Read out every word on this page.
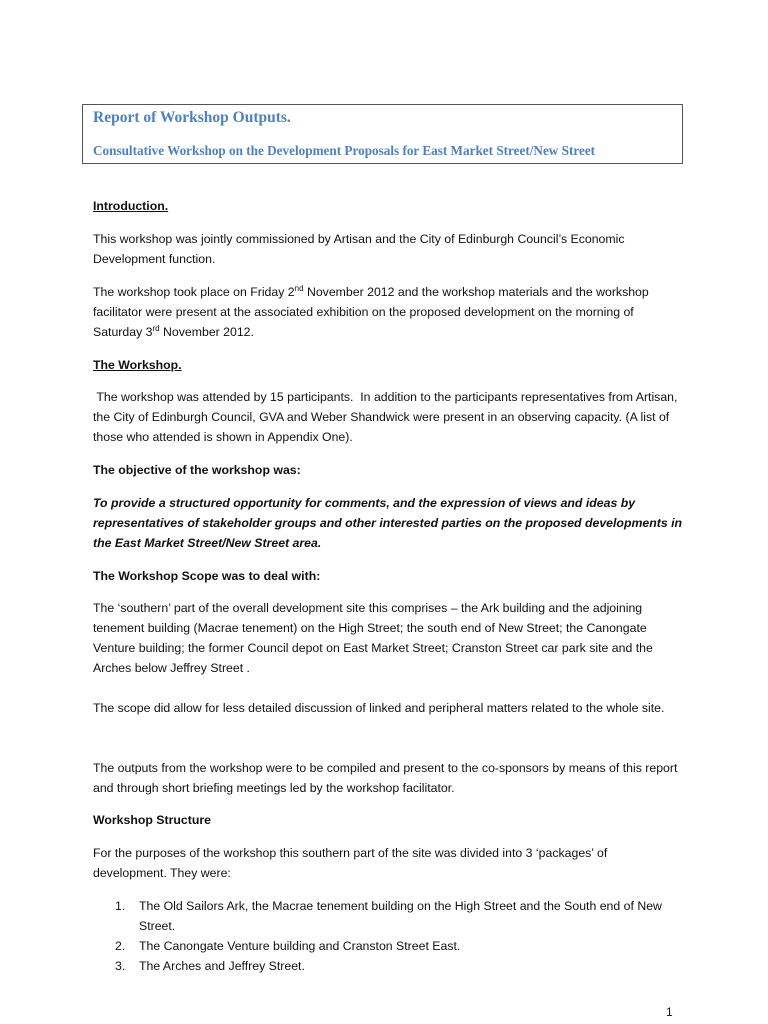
Report of Workshop Outputs.
Consultative Workshop on the Development Proposals for East Market Street/New Street
Introduction.
This workshop was jointly commissioned by Artisan and the City of Edinburgh Council’s Economic Development function.
The workshop took place on Friday 2nd November 2012 and the workshop materials and the workshop facilitator were present at the associated exhibition on the proposed development on the morning of Saturday 3rd November 2012.
The Workshop.
The workshop was attended by 15 participants.  In addition to the participants representatives from Artisan, the City of Edinburgh Council, GVA and Weber Shandwick were present in an observing capacity. (A list of those who attended is shown in Appendix One).
The objective of the workshop was:
To provide a structured opportunity for comments, and the expression of views and ideas by representatives of stakeholder groups and other interested parties on the proposed developments in the East Market Street/New Street area.
The Workshop Scope was to deal with:
The ‘southern’ part of the overall development site this comprises – the Ark building and the adjoining tenement building (Macrae tenement) on the High Street; the south end of New Street; the Canongate Venture building; the former Council depot on East Market Street; Cranston Street car park site and the Arches below Jeffrey Street .
The scope did allow for less detailed discussion of linked and peripheral matters related to the whole site.
The outputs from the workshop were to be compiled and present to the co-sponsors by means of this report and through short briefing meetings led by the workshop facilitator.
Workshop Structure
For the purposes of the workshop this southern part of the site was divided into 3 ‘packages’ of development. They were:
1. The Old Sailors Ark, the Macrae tenement building on the High Street and the South end of New Street.
2. The Canongate Venture building and Cranston Street East.
3. The Arches and Jeffrey Street.
1
